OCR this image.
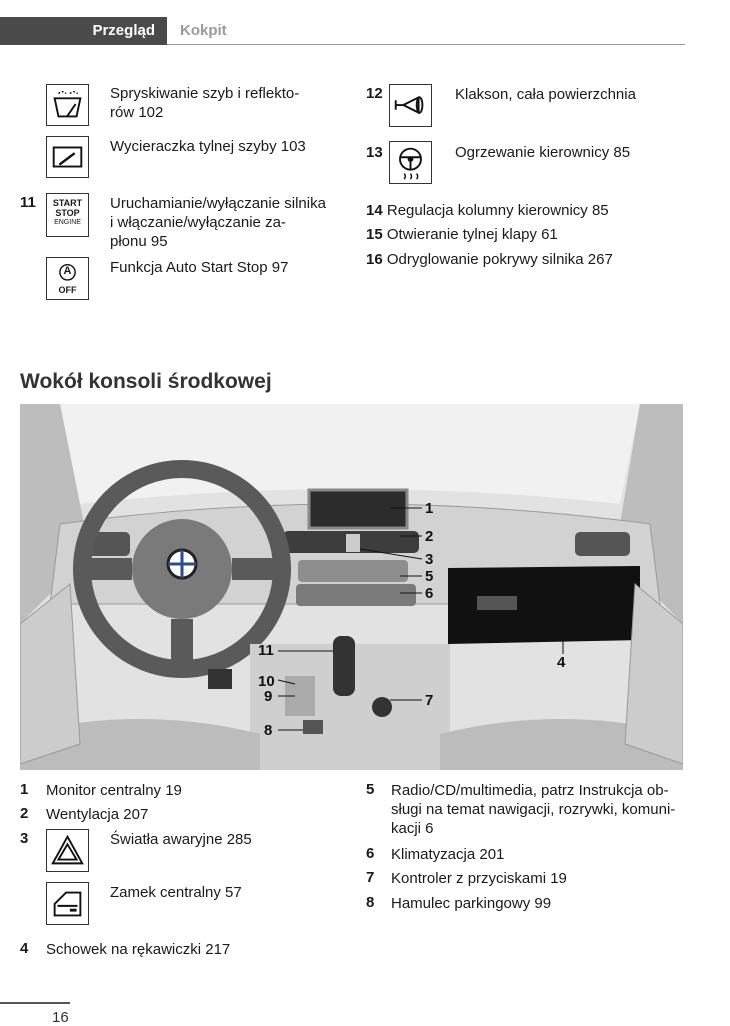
Przegląd Kokpit
Spryskiwanie szyb i reflekto-
rów 102
Wycieraczka tylnej szyby 103
11	START
STOP
ENGINE
Uruchamianie/wyłączanie silnika
i włączanie/wyłączanie za-
płonu 95
A
OFF
Funkcja Auto Start Stop 97
12	Klakson, cała powierzchnia
13	Ogrzewanie kierownicy 85
14 Regulacja kolumny kierownicy 85
15 Otwieranie tylnej klapy 61
16 Odryglowanie pokrywy silnika 267
Wokół konsoli środkowej
1
2
3
5
6
4
11
10
9	7
8
1 Monitor centralny 19
2 Wentylacja 207
3	Światła awaryjne 285
Zamek centralny 57
4 Schowek na rękawiczki 217
5 Radio/CD/multimedia, patrz Instrukcja ob-
sługi na temat nawigacji, rozrywki, komuni-
kacji 6
6 Klimatyzacja 201
7 Kontroler z przyciskami 19
8 Hamulec parkingowy 99
16
